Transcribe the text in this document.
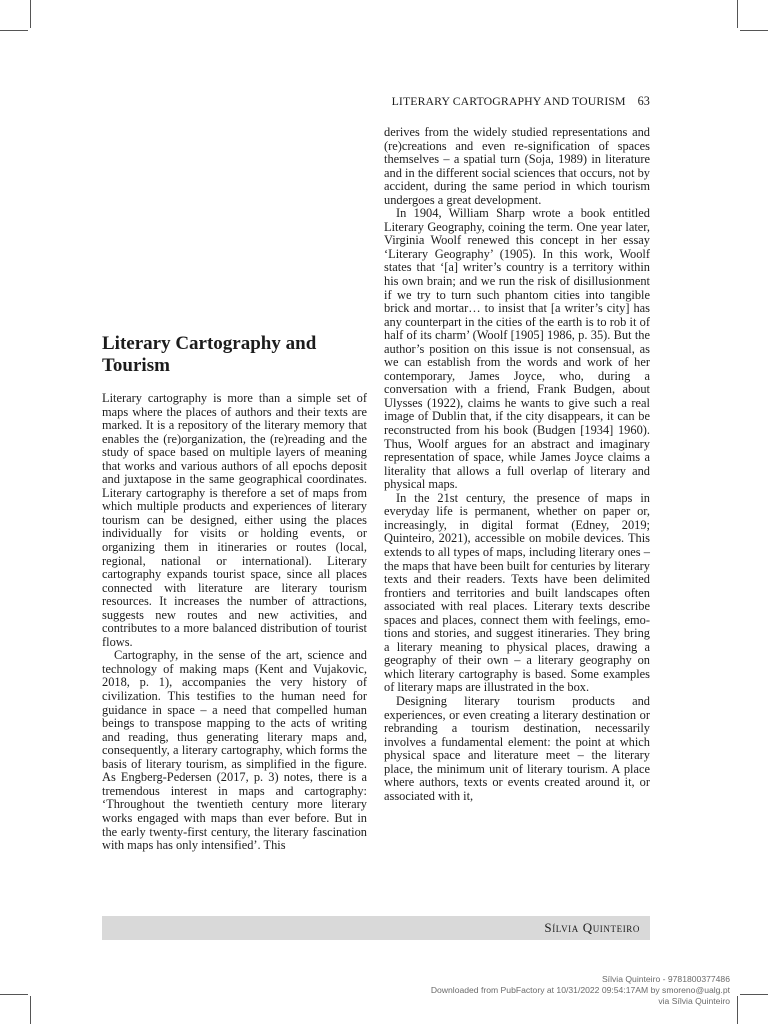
LITERARY CARTOGRAPHY AND TOURISM 63
Literary Cartography and Tourism

Literary cartography is more than a simple set of maps where the places of authors and their texts are marked. It is a repository of the literary memory that enables the (re)organization, the (re)reading and the study of space based on multiple layers of meaning that works and various authors of all epochs deposit and juxtapose in the same geographical coordinates. Literary cartography is therefore a set of maps from which multiple products and experiences of literary tourism can be designed, either using the places individually for visits or holding events, or organizing them in itineraries or routes (local, regional, national or international). Literary cartography expands tourist space, since all places connected with literature are literary tourism resources. It increases the number of attractions, suggests new routes and new activities, and contributes to a more balanced distribution of tourist flows.

Cartography, in the sense of the art, science and technology of making maps (Kent and Vujakovic, 2018, p. 1), accompanies the very history of civilization. This testifies to the human need for guidance in space – a need that compelled human beings to transpose mapping to the acts of writing and reading, thus generating literary maps and, consequently, a literary cartography, which forms the basis of literary tourism, as simplified in the figure. As Engberg-Pedersen (2017, p. 3) notes, there is a tremendous interest in maps and cartography: ‘Throughout the twentieth century more literary works engaged with maps than ever before. But in the early twenty-first century, the literary fascination with maps has only intensified’. This

derives from the widely studied representations and (re)creations and even re-signification of spaces themselves – a spatial turn (Soja, 1989) in literature and in the different social sciences that occurs, not by accident, during the same period in which tourism undergoes a great development.

In 1904, William Sharp wrote a book entitled Literary Geography, coining the term. One year later, Virginia Woolf renewed this concept in her essay ‘Literary Geography’ (1905). In this work, Woolf states that ‘[a] writer’s country is a territory within his own brain; and we run the risk of disillusionment if we try to turn such phantom cities into tangible brick and mortar… to insist that [a writer’s city] has any counterpart in the cities of the earth is to rob it of half of its charm’ (Woolf [1905] 1986, p. 35). But the author’s position on this issue is not consensual, as we can establish from the words and work of her contemporary, James Joyce, who, during a conversation with a friend, Frank Budgen, about Ulysses (1922), claims he wants to give such a real image of Dublin that, if the city disappears, it can be reconstructed from his book (Budgen [1934] 1960). Thus, Woolf argues for an abstract and imaginary representation of space, while James Joyce claims a literality that allows a full overlap of literary and physical maps.

In the 21st century, the presence of maps in everyday life is permanent, whether on paper or, increasingly, in digital format (Edney, 2019; Quinteiro, 2021), accessible on mobile devices. This extends to all types of maps, including literary ones – the maps that have been built for centuries by literary texts and their readers. Texts have been delimited frontiers and territories and built landscapes often associated with real places. Literary texts describe spaces and places, connect them with feelings, emotions and stories, and suggest itineraries. They bring a literary meaning to physical places, drawing a geography of their own – a literary geography on which literary cartography is based. Some examples of literary maps are illustrated in the box.

Designing literary tourism products and experiences, or even creating a literary destination or rebranding a tourism destination, necessarily involves a fundamental element: the point at which physical space and literature meet – the literary place, the minimum unit of literary tourism. A place where authors, texts or events created around it, or associated with it,

Sílvia Quinteiro
Sílvia Quinteiro - 9781800377486
Downloaded from PubFactory at 10/31/2022 09:54:17AM by smoreno@ualg.pt
via Sílvia Quinteiro
